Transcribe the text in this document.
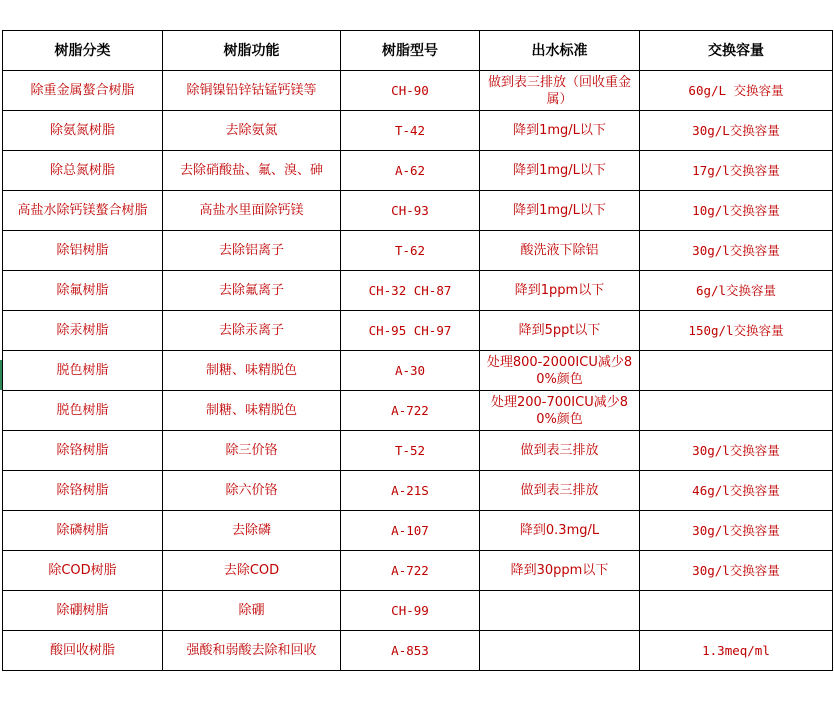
树脂分类	树脂功能	树脂型号	出水标准	交换容量
除重金属螯合树脂	除铜镍铅锌钴锰钙镁等	CH-90	做到表三排放（回收重金属）	60g/L 交换容量
除氨氮树脂	去除氨氮	T-42	降到1mg/L以下	30g/L交换容量
除总氮树脂	去除硝酸盐、氟、溴、砷	A-62	降到1mg/L以下	17g/l交换容量
高盐水除钙镁螯合树脂	高盐水里面除钙镁	CH-93	降到1mg/L以下	10g/l交换容量
除铝树脂	去除铝离子	T-62	酸洗液下除铝	30g/l交换容量
除氟树脂	去除氟离子	CH-32 CH-87	降到1ppm以下	6g/l交换容量
除汞树脂	去除汞离子	CH-95 CH-97	降到5ppt以下	150g/l交换容量
脱色树脂	制糖、味精脱色	A-30	处理800-2000ICU减少80%颜色	
脱色树脂	制糖、味精脱色	A-722	处理200-700ICU减少80%颜色	
除铬树脂	除三价铬	T-52	做到表三排放	30g/l交换容量
除铬树脂	除六价铬	A-21S	做到表三排放	46g/l交换容量
除磷树脂	去除磷	A-107	降到0.3mg/L	30g/l交换容量
除COD树脂	去除COD	A-722	降到30ppm以下	30g/l交换容量
除硼树脂	除硼	CH-99		
酸回收树脂	强酸和弱酸去除和回收	A-853		1.3meq/ml
